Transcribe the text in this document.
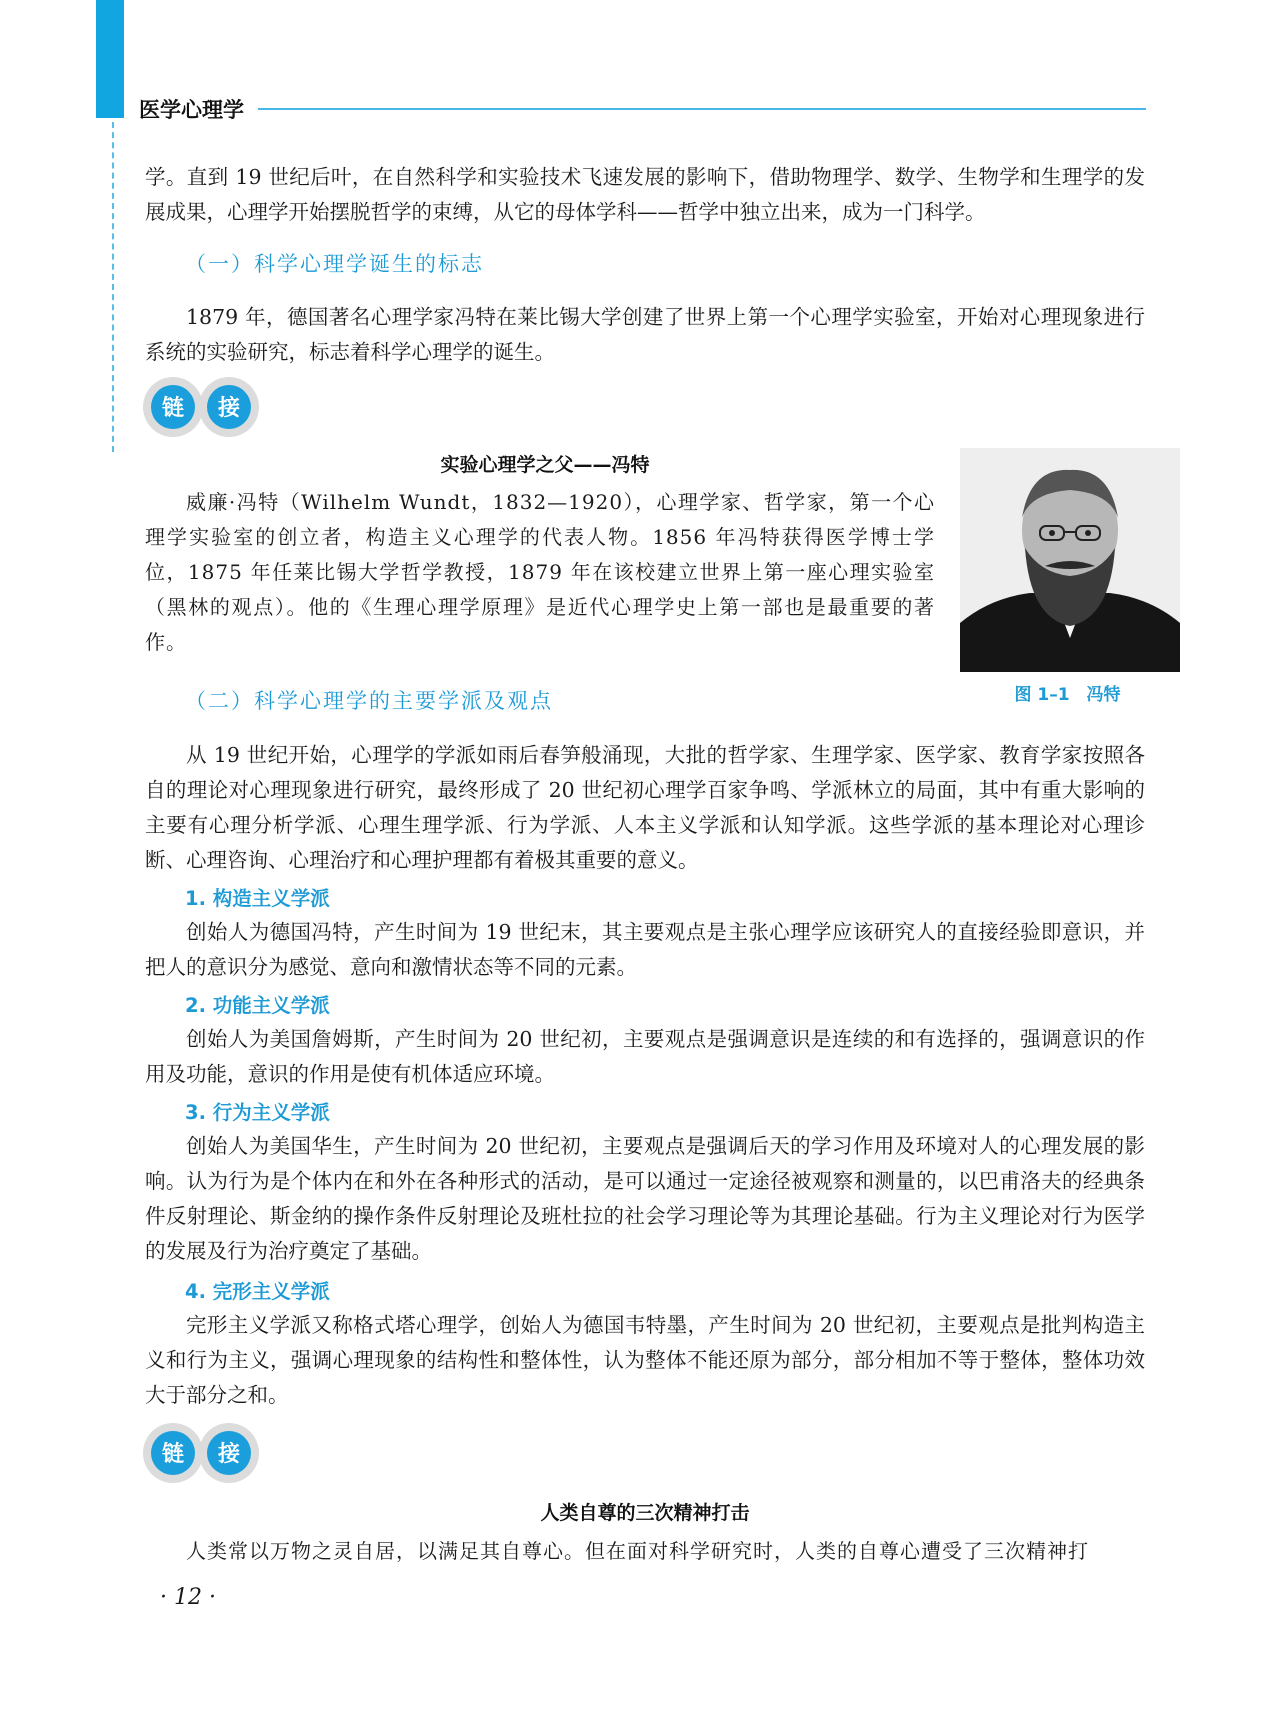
医学心理学

学。直到 19 世纪后叶，在自然科学和实验技术飞速发展的影响下，借助物理学、数学、生物学和生理学的发展成果，心理学开始摆脱哲学的束缚，从它的母体学科——哲学中独立出来，成为一门科学。

（一）科学心理学诞生的标志

1879 年，德国著名心理学家冯特在莱比锡大学创建了世界上第一个心理学实验室，开始对心理现象进行系统的实验研究，标志着科学心理学的诞生。

链 接
实验心理学之父——冯特

威廉·冯特（Wilhelm Wundt，1832—1920），心理学家、哲学家，第一个心理学实验室的创立者，构造主义心理学的代表人物。1856 年冯特获得医学博士学位，1875 年任莱比锡大学哲学教授，1879 年在该校建立世界上第一座心理实验室（黑林的观点）。他的《生理心理学原理》是近代心理学史上第一部也是最重要的著作。

图 1–1　冯特
（二）科学心理学的主要学派及观点

从 19 世纪开始，心理学的学派如雨后春笋般涌现，大批的哲学家、生理学家、医学家、教育学家按照各自的理论对心理现象进行研究，最终形成了 20 世纪初心理学百家争鸣、学派林立的局面，其中有重大影响的主要有心理分析学派、心理生理学派、行为学派、人本主义学派和认知学派。这些学派的基本理论对心理诊断、心理咨询、心理治疗和心理护理都有着极其重要的意义。

1. 构造主义学派

创始人为德国冯特，产生时间为 19 世纪末，其主要观点是主张心理学应该研究人的直接经验即意识，并把人的意识分为感觉、意向和激情状态等不同的元素。

2. 功能主义学派

创始人为美国詹姆斯，产生时间为 20 世纪初，主要观点是强调意识是连续的和有选择的，强调意识的作用及功能，意识的作用是使有机体适应环境。

3. 行为主义学派

创始人为美国华生，产生时间为 20 世纪初，主要观点是强调后天的学习作用及环境对人的心理发展的影响。认为行为是个体内在和外在各种形式的活动，是可以通过一定途径被观察和测量的，以巴甫洛夫的经典条件反射理论、斯金纳的操作条件反射理论及班杜拉的社会学习理论等为其理论基础。行为主义理论对行为医学的发展及行为治疗奠定了基础。

4. 完形主义学派

完形主义学派又称格式塔心理学，创始人为德国韦特墨，产生时间为 20 世纪初，主要观点是批判构造主义和行为主义，强调心理现象的结构性和整体性，认为整体不能还原为部分，部分相加不等于整体，整体功效大于部分之和。

链 接
人类自尊的三次精神打击

人类常以万物之灵自居，以满足其自尊心。但在面对科学研究时，人类的自尊心遭受了三次精神打

· 12 ·
